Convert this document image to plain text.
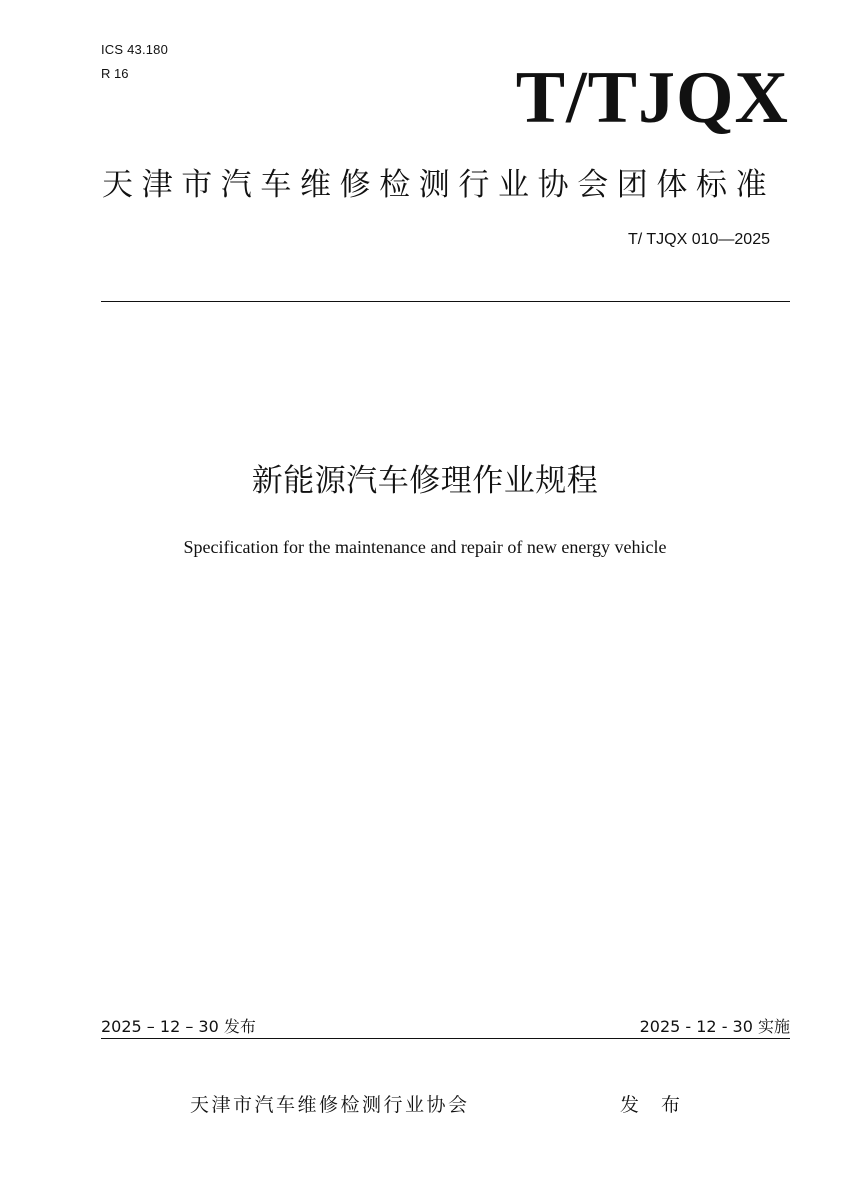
ICS 43.180
R 16	T/TJQX
天津市汽车维修检测行业协会团体标准
T/ TJQX 010—2025
新能源汽车修理作业规程
Specification for the maintenance and repair of new energy vehicle
2025 – 12 – 30 发布	2025 - 12 - 30 实施
天津市汽车维修检测行业协会	发 布
